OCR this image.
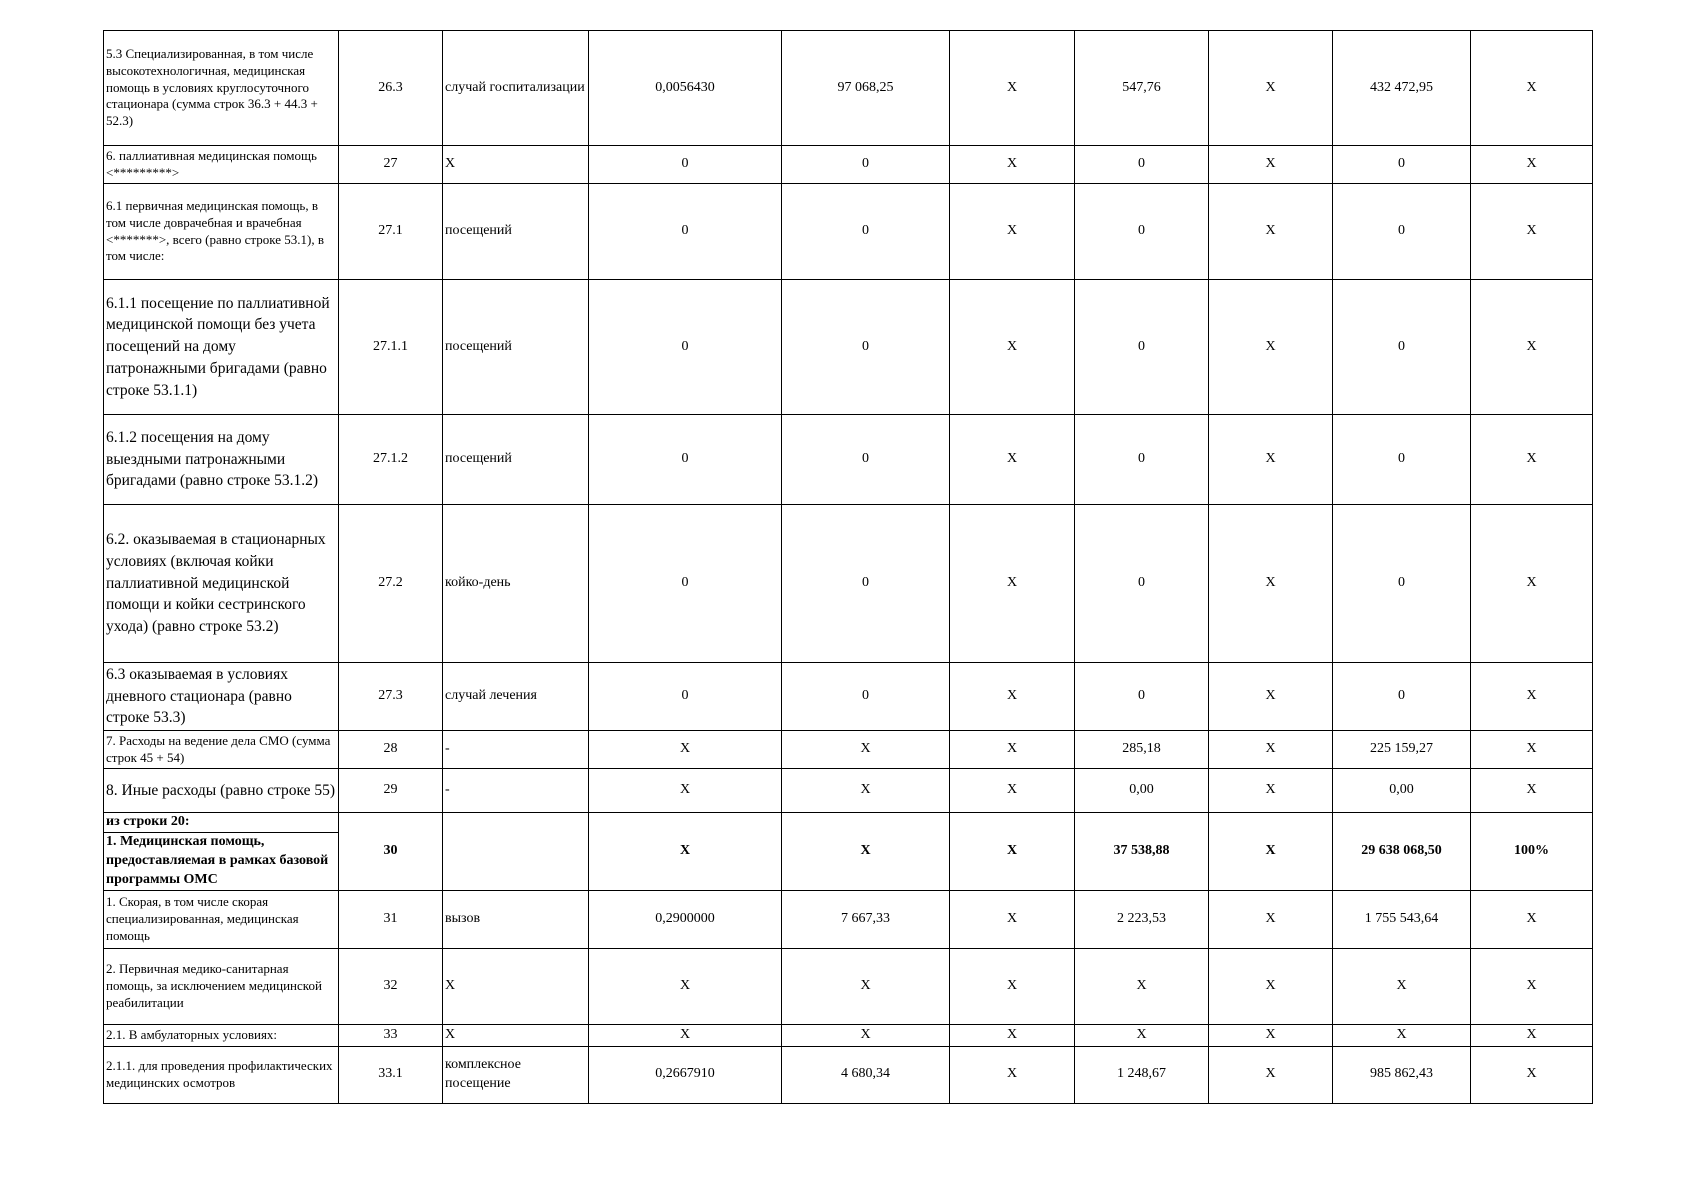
5.3 Специализированная, в том числе высокотехнологичная, медицинская помощь в условиях круглосуточного стационара (сумма строк 36.3 + 44.3 + 52.3)	26.3	случай госпитализации	0,0056430	97 068,25	X	547,76	X	432 472,95	X
6. паллиативная медицинская помощь <*********>	27	X	0	0	X	0	X	0	X
6.1 первичная медицинская помощь, в том числе доврачебная и врачебная <*******>, всего (равно строке 53.1), в том числе:	27.1	посещений	0	0	X	0	X	0	X
6.1.1 посещение по паллиативной медицинской помощи без учета посещений на дому патронажными бригадами (равно строке 53.1.1)	27.1.1	посещений	0	0	X	0	X	0	X
6.1.2 посещения на дому выездными патронажными бригадами (равно строке 53.1.2)	27.1.2	посещений	0	0	X	0	X	0	X
6.2. оказываемая в стационарных условиях (включая койки паллиативной медицинской помощи и койки сестринского ухода) (равно строке 53.2)	27.2	койко-день	0	0	X	0	X	0	X
6.3 оказываемая в условиях дневного стационара (равно строке 53.3)	27.3	случай лечения	0	0	X	0	X	0	X
7. Расходы на ведение дела СМО (сумма строк 45 + 54)	28	-	X	X	X	285,18	X	225 159,27	X
8. Иные расходы (равно строке 55)	29	-	X	X	X	0,00	X	0,00	X

из строки 20:
1. Медицинская помощь, предоставляемая в рамках базовой программы ОМС	30		X	X	X	37 538,88	X	29 638 068,50	100%
1. Скорая, в том числе скорая специализированная, медицинская помощь	31	вызов	0,2900000	7 667,33	X	2 223,53	X	1 755 543,64	X
2. Первичная медико-санитарная помощь, за исключением медицинской реабилитации	32	X	X	X	X	X	X	X	X
2.1. В амбулаторных условиях:	33	X	X	X	X	X	X	X	X
2.1.1. для проведения профилактических медицинских осмотров	33.1	комплексное посещение	0,2667910	4 680,34	X	1 248,67	X	985 862,43	X
